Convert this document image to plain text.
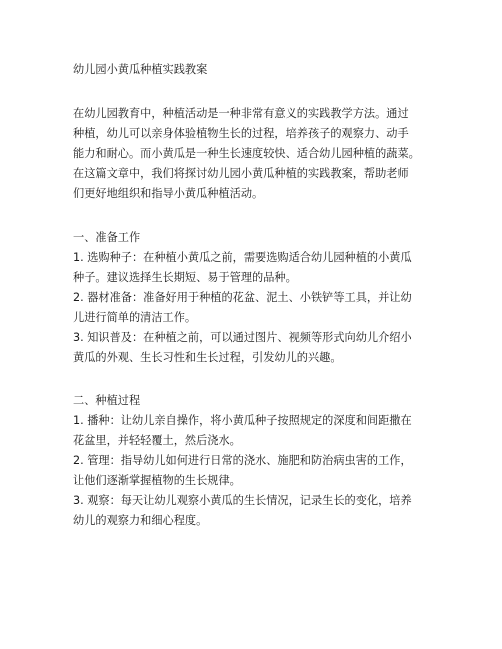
幼儿园小黄瓜种植实践教案
在幼儿园教育中，种植活动是一种非常有意义的实践教学方法。通过
种植，幼儿可以亲身体验植物生长的过程，培养孩子的观察力、动手
能力和耐心。而小黄瓜是一种生长速度较快、适合幼儿园种植的蔬菜。
在这篇文章中，我们将探讨幼儿园小黄瓜种植的实践教案，帮助老师
们更好地组织和指导小黄瓜种植活动。
一、准备工作
1. 选购种子：在种植小黄瓜之前，需要选购适合幼儿园种植的小黄瓜
种子。建议选择生长期短、易于管理的品种。
2. 器材准备：准备好用于种植的花盆、泥土、小铁铲等工具，并让幼
儿进行简单的清洁工作。
3. 知识普及：在种植之前，可以通过图片、视频等形式向幼儿介绍小
黄瓜的外观、生长习性和生长过程，引发幼儿的兴趣。
二、种植过程
1. 播种：让幼儿亲自操作，将小黄瓜种子按照规定的深度和间距撒在
花盆里，并轻轻覆土，然后浇水。
2. 管理：指导幼儿如何进行日常的浇水、施肥和防治病虫害的工作，
让他们逐渐掌握植物的生长规律。
3. 观察：每天让幼儿观察小黄瓜的生长情况，记录生长的变化，培养
幼儿的观察力和细心程度。
